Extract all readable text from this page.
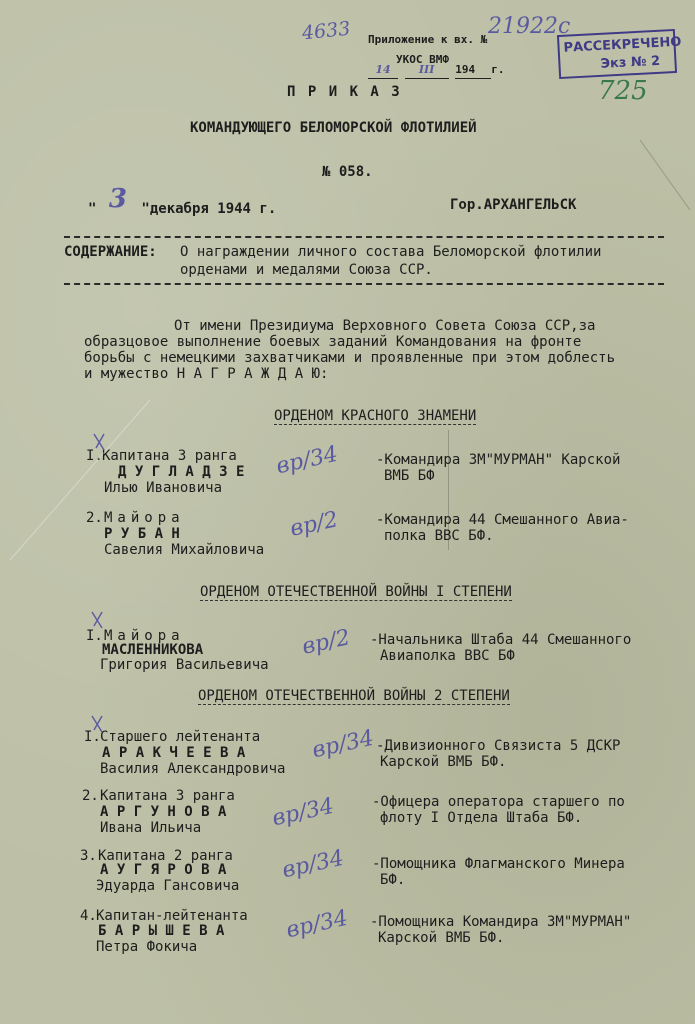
4633 Приложение к вх. №
21922с
УКОС ВМФ
14	III 194 г.
РАССЕКРЕЧЕНО
Экз № 2
725
П Р И К А З
КОМАНДУЮЩЕГО БЕЛОМОРСКОЙ ФЛОТИЛИЕЙ
№ 058.
" 3 "декабря 1944 г.	Гор.АРХАНГЕЛЬСК
СОДЕРЖАНИЕ: О награждении личного состава Беломорской флотилии
орденами и медалями Союза ССР.
От имени Президиума Верховного Совета Союза ССР,за
образцовое выполнение боевых заданий Командования на фронте
борьбы с немецкими захватчиками и проявленные при этом доблесть
и мужество Н А Г Р А Ж Д А Ю:
ОРДЕНОМ КРАСНОГО ЗНАМЕНИ
I. Капитана 3 ранга
Д У Г Л А Д З Е
Илью Ивановича
вр/34	-Командира ЗМ"МУРМАН" Карской
ВМБ БФ
2. Майора
Р У Б А Н
Савелия Михайловича
вр/2	-Командира 44 Смешанного Авиа-
полка ВВС БФ.
ОРДЕНОМ ОТЕЧЕСТВЕННОЙ ВОЙНЫ I СТЕПЕНИ
I. Майора
МАСЛЕННИКОВА
Григория Васильевича
вр/2 -Начальника Штаба 44 Смешанного
Авиаполка ВВС БФ
ОРДЕНОМ ОТЕЧЕСТВЕННОЙ ВОЙНЫ 2 СТЕПЕНИ
I. Старшего лейтенанта
А Р А К Ч Е Е В А
Василия Александровича
вр/34 -Дивизионного Связиста 5 ДСКР
Карской ВМБ БФ.
2. Капитана 3 ранга
А Р Г У Н О В А
Ивана Ильича	вр/34	-Офицера оператора старшего по
флоту I Отдела Штаба БФ.
3. Капитана 2 ранга
А У Г Я Р О В А
Эдуарда Гансовича
вр/34 -Помощника Флагманского Минера
БФ.
4. Капитан-лейтенанта
Б А Р Ы Ш Е В А
Петра Фокича
вр/34 -Помощника Командира ЗМ"МУРМАН"
Карской ВМБ БФ.
